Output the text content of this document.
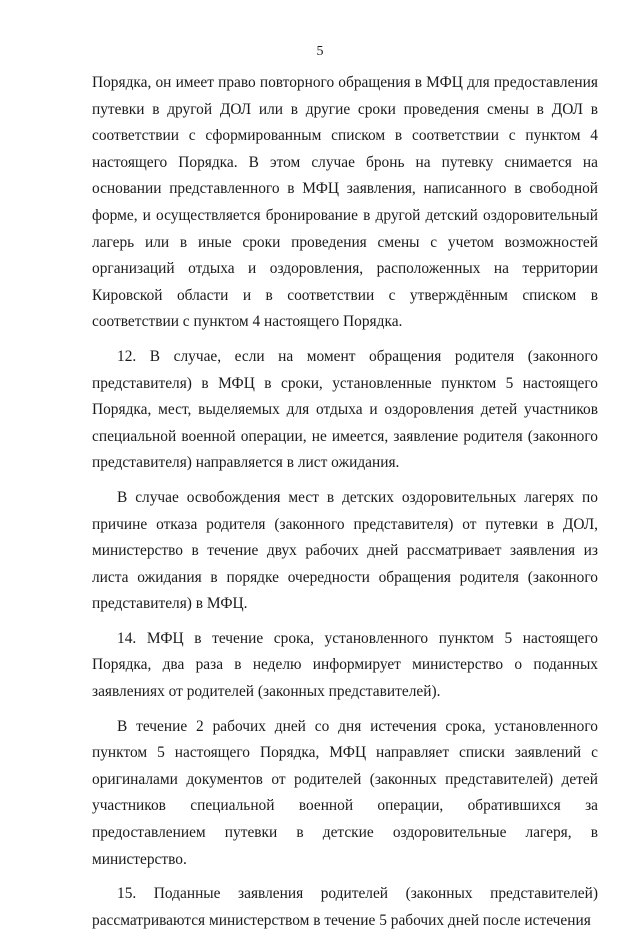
5

Порядка, он имеет право повторного обращения в МФЦ для предоставления путевки в другой ДОЛ или в другие сроки проведения смены в ДОЛ в соответствии с сформированным списком в соответствии с пунктом 4 настоящего Порядка. В этом случае бронь на путевку снимается на основании представленного в МФЦ заявления, написанного в свободной форме, и осуществляется бронирование в другой детский оздоровительный лагерь или в иные сроки проведения смены с учетом возможностей организаций отдыха и оздоровления, расположенных на территории Кировской области и в соответствии с утверждённым списком в соответствии с пунктом 4 настоящего Порядка.

12. В случае, если на момент обращения родителя (законного представителя) в МФЦ в сроки, установленные пунктом 5 настоящего Порядка, мест, выделяемых для отдыха и оздоровления детей участников специальной военной операции, не имеется, заявление родителя (законного представителя) направляется в лист ожидания.

В случае освобождения мест в детских оздоровительных лагерях по причине отказа родителя (законного представителя) от путевки в ДОЛ, министерство в течение двух рабочих дней рассматривает заявления из листа ожидания в порядке очередности обращения родителя (законного представителя) в МФЦ.

14. МФЦ в течение срока, установленного пунктом 5 настоящего Порядка, два раза в неделю информирует министерство о поданных заявлениях от родителей (законных представителей).

В течение 2 рабочих дней со дня истечения срока, установленного пунктом 5 настоящего Порядка, МФЦ направляет списки заявлений с оригиналами документов от родителей (законных представителей) детей участников специальной военной операции, обратившихся за предоставлением путевки в детские оздоровительные лагеря, в министерство.

15. Поданные заявления родителей (законных представителей) рассматриваются министерством в течение 5 рабочих дней после истечения
